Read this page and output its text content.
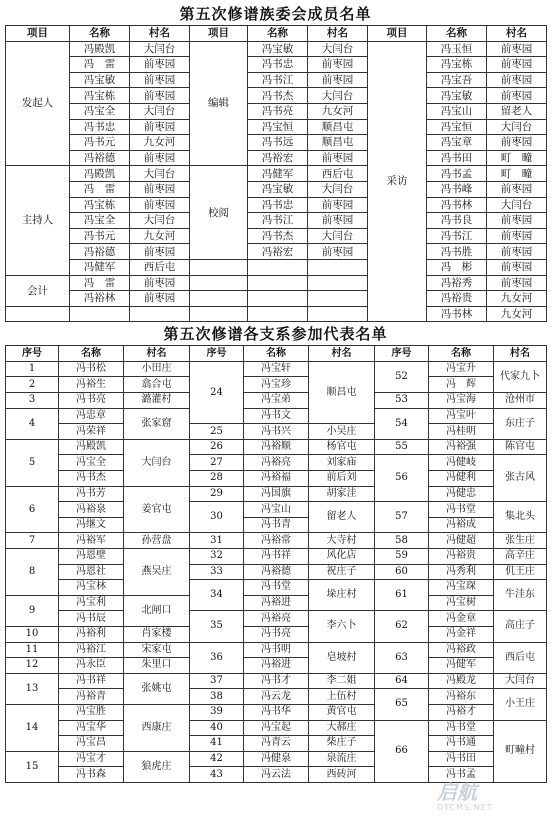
第五次修谱族委会成员名单
项目	名称	村名	项目	名称	村名	项目	名称	村名
发起人	冯殿凯	大闫台	编辑	冯宝敏	大闫台	采访	冯玉恒	前枣园
	冯　雷	前枣园		冯书忠	前枣园		冯宝栋	前枣园
	冯宝敏	前枣园		冯书江	前枣园		冯宝吾	前枣园
	冯宝栋	前枣园		冯书杰	大闫台		冯宝敏	前枣园
	冯宝全	大闫台		冯书亮	九女河		冯宝山	留老人
	冯书忠	前枣园		冯宝恒	顺昌屯		冯宝恒	大闫台
	冯书元	九女河		冯书远	顺昌屯		冯宝章	前枣园
	冯裕德	前枣园		冯裕宏	前枣园		冯书田	町　疃
主持人	冯殿凯	大闫台	校阅	冯健军	西后屯		冯书孟	町　疃
	冯　雷	前枣园		冯宝敏	大闫台		冯书峰	前枣园
	冯宝栋	前枣园		冯书忠	前枣园		冯书林	大闫台
	冯宝全	大闫台		冯书江	前枣园		冯书良	前枣园
	冯书元	九女河		冯书杰	大闫台		冯书江	前枣园
	冯裕德	前枣园		冯裕宏	前枣园		冯书胜	前枣园
	冯健军	西后屯					冯　彬	前枣园
会计	冯　雷	前枣园					冯裕秀	前枣园
	冯裕林	前枣园					冯裕贵	九女河
							冯书林	九女河
第五次修谱各支系参加代表名单
序号	名称	村名	序号	名称	村名	序号	名称	村名
1	冯书松	小田庄	24	冯宝轩	顺昌屯	52	冯宝升	代家九卜
2	冯裕生	翕合屯		冯宝珍			冯　辉	
3	冯书亮	潞灌村		冯宝弟		53	冯宝海	沧州市
4	冯忠章	张家窟		冯书文		54	冯宝叶	东庄子
	冯荣祥		25	冯书兴	小吴庄		冯桂明	
5	冯殿凯	大闫台	26	冯裕顺	杨官屯	55	冯裕强	陈官屯
	冯宝全		27	冯裕亮	刘家庙	56	冯健岐	张古风
	冯书杰		28	冯裕福	前后刘		冯健利	
6	冯书芳	姜官屯	29	冯国旗	胡家洼		冯健忠	
	冯裕泉		30	冯宝山	留老人	57	冯书堂	集北头
	冯继文			冯书青			冯裕成	
7	冯裕军	孙营盘	31	冯裕常	大寺村	58	冯健超	张生庄
8	冯恩壁	燕吴庄	32	冯书祥	风化店	59	冯裕贵	高辛庄
	冯恩社		33	冯裕德	祝庄子	60	冯秀利	仉王庄
	冯宝林		34	冯书堂	垛庄村	61	冯宝琛	牛洼东
9	冯宝利	北闸口		冯裕进			冯宝树	
	冯书辰		35	冯裕亮	李六卜	62	冯金章	高庄子
10	冯裕利	肖家楼		冯书亮			冯金祥	
11	冯裕江	宋家屯	36	冯书明	皂坡村	63	冯裕政	西后屯
12	冯永臣	朱里口		冯裕进			冯健军	
13	冯书祥	张姚屯	37	冯书才	李二姐	64	冯殿龙	大闫台
	冯裕青		38	冯云龙	上伍村	65	冯裕东	小王庄
14	冯宝胜	西康庄	39	冯书华	黄官屯		冯裕才	
	冯宝华		40	冯宝起	大郝庄	66	冯书堂	町疃村
	冯宝昌		41	冯青云	柴庄子		冯书通	
15	冯宝才	狼虎庄	42	冯健泉	泉流庄		冯书田	
	冯书森		43	冯云法	西砖河		冯书孟	
启航
DTCMS.NET
